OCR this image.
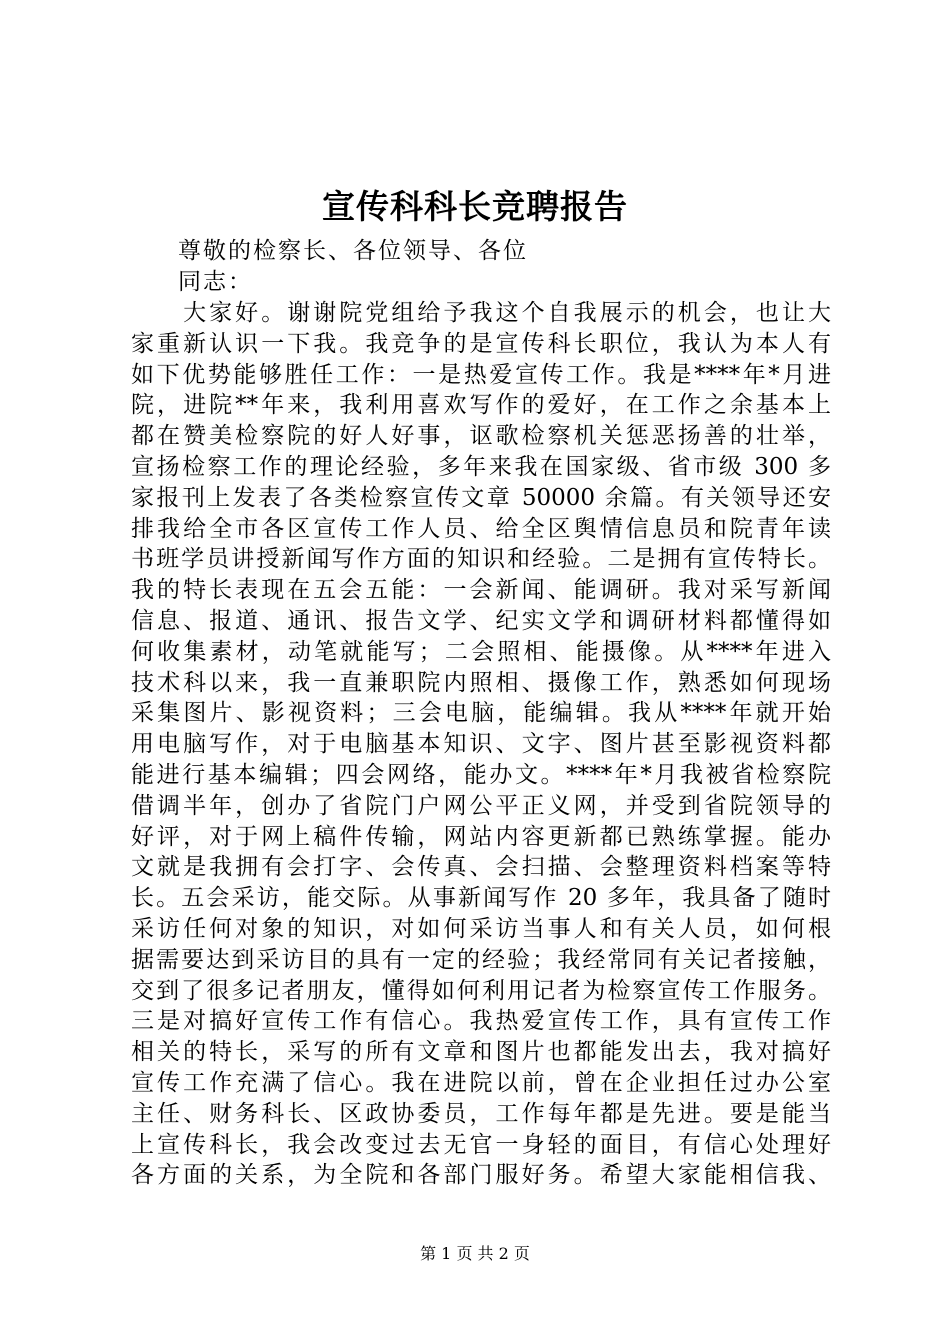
宣传科科长竞聘报告
尊敬的检察长、各位领导、各位
同志：
　　大家好。谢谢院党组给予我这个自我展示的机会，也让大
家重新认识一下我。我竞争的是宣传科长职位，我认为本人有
如下优势能够胜任工作：一是热爱宣传工作。我是****年*月进
院，进院**年来，我利用喜欢写作的爱好，在工作之余基本上
都在赞美检察院的好人好事，讴歌检察机关惩恶扬善的壮举，
宣扬检察工作的理论经验，多年来我在国家级、省市级 300 多
家报刊上发表了各类检察宣传文章 50000 余篇。有关领导还安
排我给全市各区宣传工作人员、给全区舆情信息员和院青年读
书班学员讲授新闻写作方面的知识和经验。二是拥有宣传特长。
我的特长表现在五会五能：一会新闻、能调研。我对采写新闻
信息、报道、通讯、报告文学、纪实文学和调研材料都懂得如
何收集素材，动笔就能写；二会照相、能摄像。从****年进入
技术科以来，我一直兼职院内照相、摄像工作，熟悉如何现场
采集图片、影视资料；三会电脑，能编辑。我从****年就开始
用电脑写作，对于电脑基本知识、文字、图片甚至影视资料都
能进行基本编辑；四会网络，能办文。****年*月我被省检察院
借调半年，创办了省院门户网公平正义网，并受到省院领导的
好评，对于网上稿件传输，网站内容更新都已熟练掌握。能办
文就是我拥有会打字、会传真、会扫描、会整理资料档案等特
长。五会采访，能交际。从事新闻写作 20 多年，我具备了随时
采访任何对象的知识，对如何采访当事人和有关人员，如何根
据需要达到采访目的具有一定的经验；我经常同有关记者接触，
交到了很多记者朋友，懂得如何利用记者为检察宣传工作服务。
三是对搞好宣传工作有信心。我热爱宣传工作，具有宣传工作
相关的特长，采写的所有文章和图片也都能发出去，我对搞好
宣传工作充满了信心。我在进院以前，曾在企业担任过办公室
主任、财务科长、区政协委员，工作每年都是先进。要是能当
上宣传科长，我会改变过去无官一身轻的面目，有信心处理好
各方面的关系，为全院和各部门服好务。希望大家能相信我、
第 1 页 共 2 页
